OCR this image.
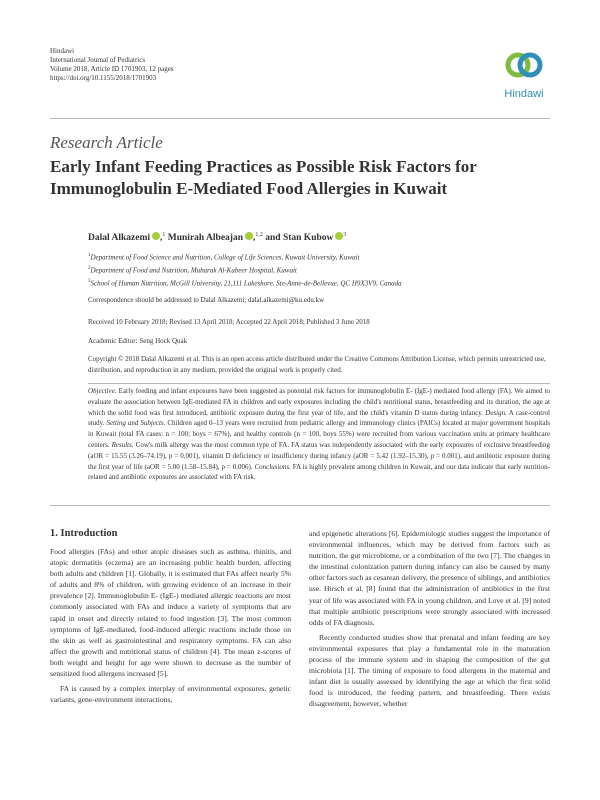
Hindawi
International Journal of Pediatrics
Volume 2018, Article ID 1701903, 12 pages
https://doi.org/10.1155/2018/1701903
Hindawi
Research Article
Early Infant Feeding Practices as Possible Risk Factors for Immunoglobulin E-Mediated Food Allergies in Kuwait
Dalal Alkazemi ,$^1$ Munirah Albeajan ,$^{1,2}$ and Stan Kubow $^3$
$^1$Department of Food Science and Nutrition, College of Life Sciences, Kuwait University, Kuwait
$^2$Department of Food and Nutrition, Mubarak Al-Kabeer Hospital, Kuwait
$^3$School of Human Nutrition, McGill University, 21,111 Lakeshore, Ste-Anne-de-Bellevue, QC H9X3V9, Canada
Correspondence should be addressed to Dalal Alkazemi; dalal.alkazemi@ku.edu.kw
Received 10 February 2018; Revised 13 April 2018; Accepted 22 April 2018; Published 3 June 2018
Academic Editor: Seng Hock Quak
Copyright © 2018 Dalal Alkazemi et al. This is an open access article distributed under the Creative Commons Attribution License, which permits unrestricted use, distribution, and reproduction in any medium, provided the original work is properly cited.
Objective. Early feeding and infant exposures have been suggested as potential risk factors for immunoglobulin E- (IgE-) mediated food allergy (FA). We aimed to evaluate the association between IgE-mediated FA in children and early exposures including the child's nutritional status, breastfeeding and its duration, the age at which the solid food was first introduced, antibiotic exposure during the first year of life, and the child's vitamin D status during infancy. Design. A case-control study. Setting and Subjects. Children aged 0–13 years were recruited from pediatric allergy and immunology clinics (PAICs) located at major government hospitals in Kuwait (total FA cases: n = 100; boys = 67%), and healthy controls (n = 100, boys 55%) were recruited from various vaccination units at primary healthcare centers. Results. Cow's milk allergy was the most common type of FA. FA status was independently associated with the early exposures of exclusive breastfeeding (aOR = 15.55 (3.26–74.19), p = 0.001), vitamin D deficiency or insufficiency during infancy (aOR = 5.42 (1.92–15.30), p = 0.001), and antibiotic exposure during the first year of life (aOR = 5.00 (1.58–15.84), p = 0.006). Conclusions. FA is highly prevalent among children in Kuwait, and our data indicate that early nutrition-related and antibiotic exposures are associated with FA risk.
1. Introduction

Food allergies (FAs) and other atopic diseases such as asthma, rhinitis, and atopic dermatitis (eczema) are an increasing public health burden, affecting both adults and children [1]. Globally, it is estimated that FAs affect nearly 5% of adults and 8% of children, with growing evidence of an increase in their prevalence [2]. Immunoglobulin E- (IgE-) mediated allergic reactions are most commonly associated with FAs and induce a variety of symptoms that are rapid in onset and directly related to food ingestion [3]. The most common symptoms of IgE-mediated, food-induced allergic reactions include those on the skin as well as gastrointestinal and respiratory symptoms. FA can also affect the growth and nutritional status of children [4]. The mean z-scores of both weight and height for age were shown to decrease as the number of sensitized food allergens increased [5].

FA is caused by a complex interplay of environmental exposures, genetic variants, gene-environment interactions,

and epigenetic alterations [6]. Epidemiologic studies suggest the importance of environmental influences, which may be derived from factors such as nutrition, the gut microbiome, or a combination of the two [7]. The changes in the intestinal colonization pattern during infancy can also be caused by many other factors such as cesarean delivery, the presence of siblings, and antibiotics use. Hirsch et al. [8] found that the administration of antibiotics in the first year of life was associated with FA in young children, and Love et al. [9] noted that multiple antibiotic prescriptions were strongly associated with increased odds of FA diagnosis.

Recently conducted studies show that prenatal and infant feeding are key environmental exposures that play a fundamental role in the maturation process of the immune system and in shaping the composition of the gut microbiota [1]. The timing of exposure to food allergens in the maternal and infant diet is usually assessed by identifying the age at which the first solid food is introduced, the feeding pattern, and breastfeeding. There exists disagreement, however, whether
